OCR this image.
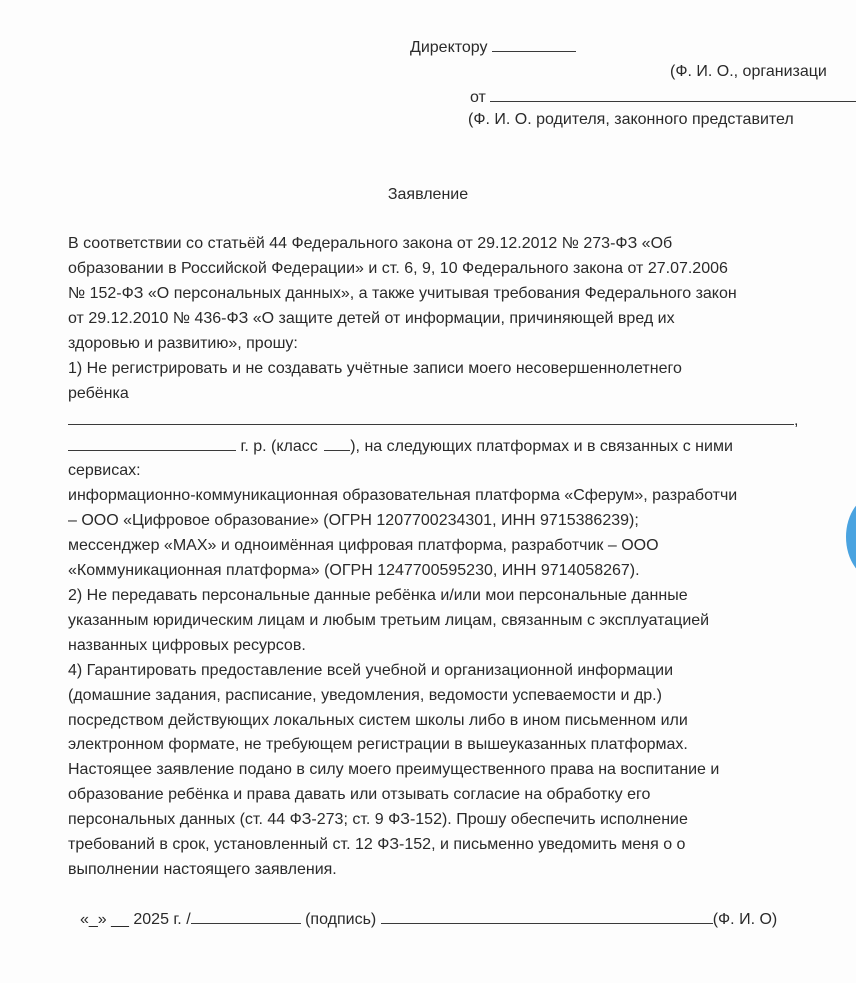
Директору
(Ф. И. О., организаци
от
(Ф. И. О. родителя, законного представител
Заявление
В соответствии со статьёй 44 Федерального закона от 29.12.2012 № 273-ФЗ «Об
образовании в Российской Федерации» и ст. 6, 9, 10 Федерального закона от 27.07.2006
№ 152-ФЗ «О персональных данных», а также учитывая требования Федерального закон
от 29.12.2010 № 436-ФЗ «О защите детей от информации, причиняющей вред их
здоровью и развитию», прошу:
1) Не регистрировать и не создавать учётные записи моего несовершеннолетнего
ребёнка
,
г. р. (класс ), на следующих платформах и в связанных с ними
сервисах:
информационно-коммуникационная образовательная платформа «Сферум», разработчи
– ООО «Цифровое образование» (ОГРН 1207700234301, ИНН 9715386239);
мессенджер «MAX» и одноимённая цифровая платформа, разработчик – ООО
«Коммуникационная платформа» (ОГРН 1247700595230, ИНН 9714058267).
2) Не передавать персональные данные ребёнка и/или мои персональные данные
указанным юридическим лицам и любым третьим лицам, связанным с эксплуатацией
названных цифровых ресурсов.
4) Гарантировать предоставление всей учебной и организационной информации
(домашние задания, расписание, уведомления, ведомости успеваемости и др.)
посредством действующих локальных систем школы либо в ином письменном или
электронном формате, не требующем регистрации в вышеуказанных платформах.
Настоящее заявление подано в силу моего преимущественного права на воспитание и
образование ребёнка и права давать или отзывать согласие на обработку его
персональных данных (ст. 44 ФЗ-273; ст. 9 ФЗ-152). Прошу обеспечить исполнение
требований в срок, установленный ст. 12 ФЗ-152, и письменно уведомить меня о о
выполнении настоящего заявления.
«_» __ 2025 г. /	(подпись)	(Ф. И. О)
